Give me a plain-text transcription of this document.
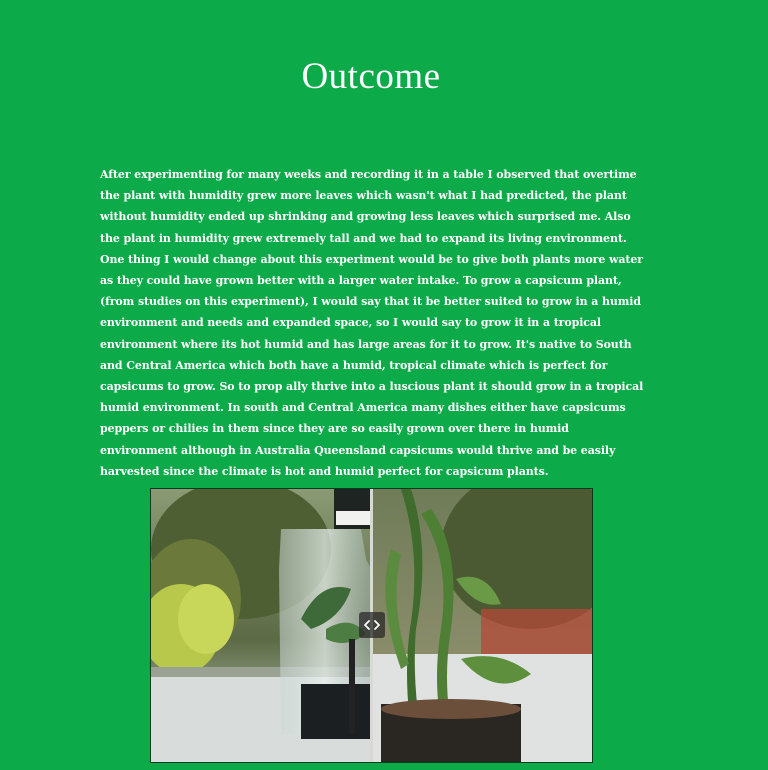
Outcome

After experimenting for many weeks and recording it in a table I observed that overtime the plant with humidity grew more leaves which wasn't what I had predicted, the plant without humidity ended up shrinking and growing less leaves which surprised me. Also the plant in humidity grew extremely tall and we had to expand its living environment. One thing I would change about this experiment would be to give both plants more water as they could have grown better with a larger water intake. To grow a capsicum plant, (from studies on this experiment), I would say that it be better suited to grow in a humid environment and needs and expanded space, so I would say to grow it in a tropical environment where its hot humid and has large areas for it to grow. It's native to South and Central America which both have a humid, tropical climate which is perfect for capsicums to grow. So to prop ally thrive into a luscious plant it should grow in a tropical humid environment. In south and Central America many dishes either have capsicums peppers or chilies in them since they are so easily grown over there in humid environment although in Australia Queensland capsicums would thrive and be easily harvested since the climate is hot and humid perfect for capsicum plants.
